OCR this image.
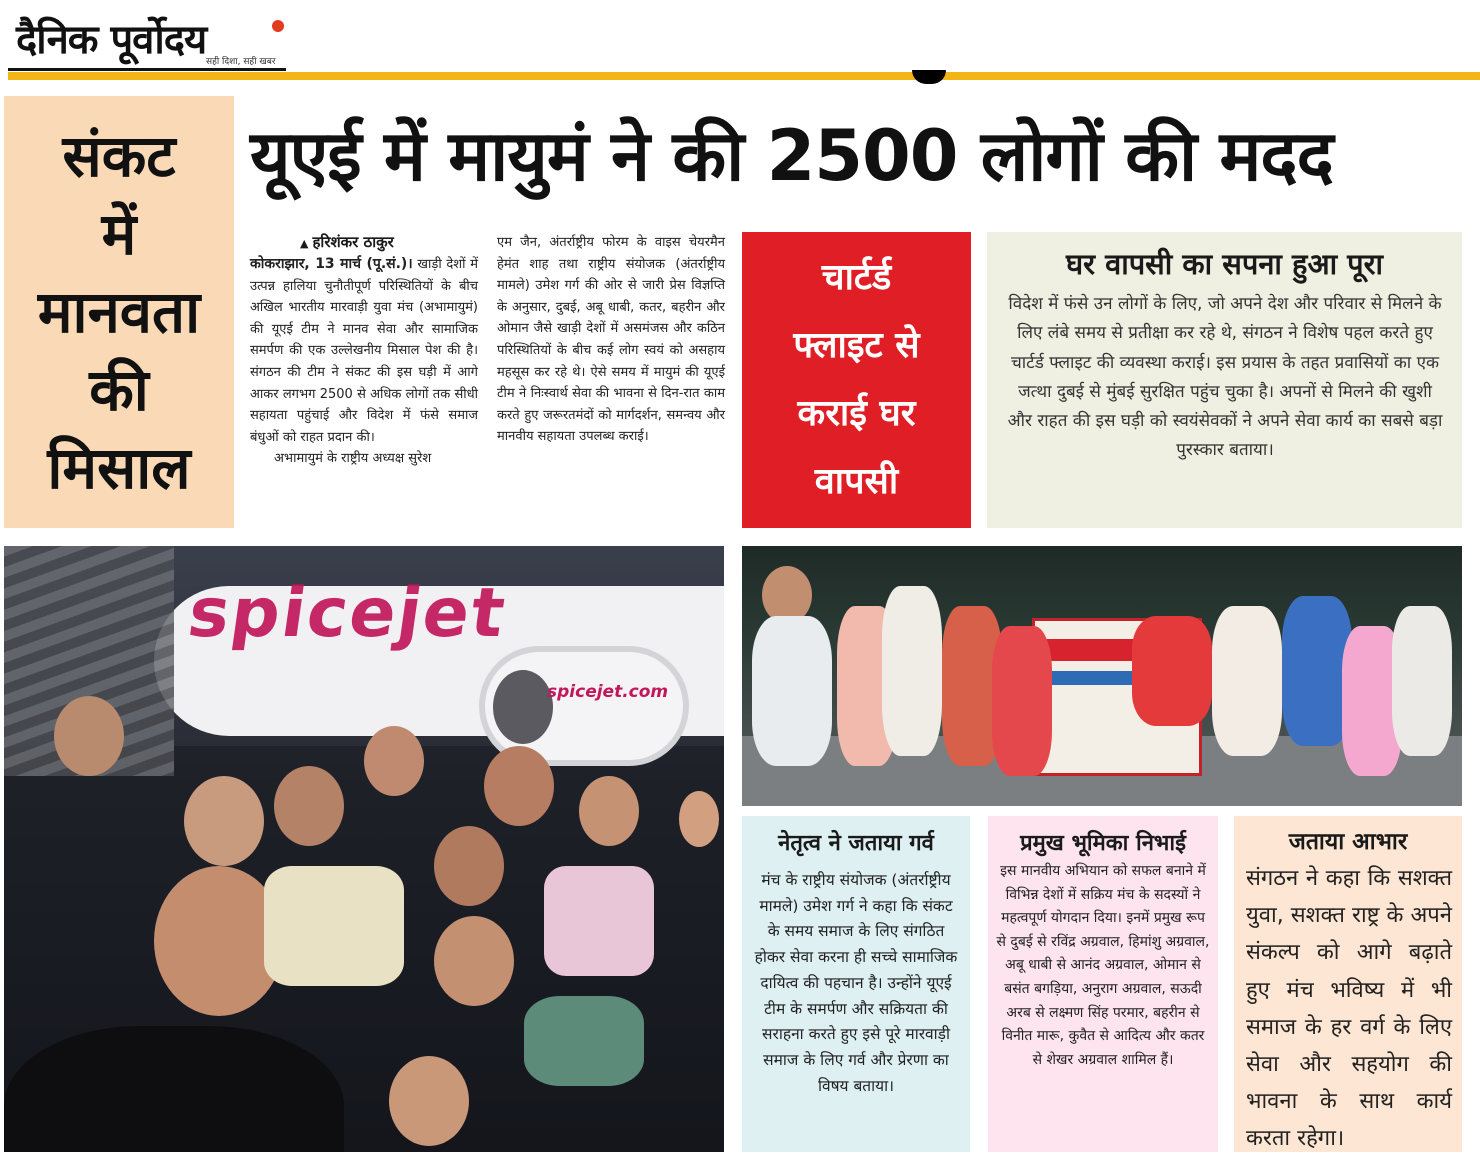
दैनिक पूर्वोदय सही दिशा, सही खबर
संकट
में
मानवता
की
मिसाल
यूएई में मायुमं ने की 2500 लोगों की मदद
▲ हरिशंकर ठाकुर

कोकराझार, 13 मार्च (पू.सं.)। खाड़ी देशों में उत्पन्न हालिया चुनौतीपूर्ण परिस्थितियों के बीच अखिल भारतीय मारवाड़ी युवा मंच (अभामायुमं) की यूएई टीम ने मानव सेवा और सामाजिक समर्पण की एक उल्लेखनीय मिसाल पेश की है। संगठन की टीम ने संकट की इस घड़ी में आगे आकर लगभग 2500 से अधिक लोगों तक सीधी सहायता पहुंचाई और विदेश में फंसे समाज बंधुओं को राहत प्रदान की।

अभामायुमं के राष्ट्रीय अध्यक्ष सुरेश

एम जैन, अंतर्राष्ट्रीय फोरम के वाइस चेयरमैन हेमंत शाह तथा राष्ट्रीय संयोजक (अंतर्राष्ट्रीय मामले) उमेश गर्ग की ओर से जारी प्रेस विज्ञप्ति के अनुसार, दुबई, अबू धाबी, कतर, बहरीन और ओमान जैसे खाड़ी देशों में असमंजस और कठिन परिस्थितियों के बीच कई लोग स्वयं को असहाय महसूस कर रहे थे। ऐसे समय में मायुमं की यूएई टीम ने निःस्वार्थ सेवा की भावना से दिन-रात काम करते हुए जरूरतमंदों को मार्गदर्शन, समन्वय और मानवीय सहायता उपलब्ध कराई।

चार्टर्ड
फ्लाइट से
कराई घर
वापसी
घर वापसी का सपना हुआ पूरा
विदेश में फंसे उन लोगों के लिए, जो अपने देश और परिवार से मिलने के लिए लंबे समय से प्रतीक्षा कर रहे थे, संगठन ने विशेष पहल करते हुए चार्टर्ड फ्लाइट की व्यवस्था कराई। इस प्रयास के तहत प्रवासियों का एक जत्था दुबई से मुंबई सुरक्षित पहुंच चुका है। अपनों से मिलने की खुशी और राहत की इस घड़ी को स्वयंसेवकों ने अपने सेवा कार्य का सबसे बड़ा पुरस्कार बताया।
spicejet
spicejet.com
नेतृत्व ने जताया गर्व
मंच के राष्ट्रीय संयोजक (अंतर्राष्ट्रीय मामले) उमेश गर्ग ने कहा कि संकट के समय समाज के लिए संगठित होकर सेवा करना ही सच्चे सामाजिक दायित्व की पहचान है। उन्होंने यूएई टीम के समर्पण और सक्रियता की सराहना करते हुए इसे पूरे मारवाड़ी समाज के लिए गर्व और प्रेरणा का विषय बताया।
प्रमुख भूमिका निभाई
इस मानवीय अभियान को सफल बनाने में विभिन्न देशों में सक्रिय मंच के सदस्यों ने महत्वपूर्ण योगदान दिया। इनमें प्रमुख रूप से दुबई से रविंद्र अग्रवाल, हिमांशु अग्रवाल, अबू धाबी से आनंद अग्रवाल, ओमान से बसंत बगड़िया, अनुराग अग्रवाल, सऊदी अरब से लक्ष्मण सिंह परमार, बहरीन से विनीत मारू, कुवैत से आदित्य और कतर से शेखर अग्रवाल शामिल हैं।
जताया आभार
संगठन ने कहा कि सशक्त युवा, सशक्त राष्ट्र के अपने संकल्प को आगे बढ़ाते हुए मंच भविष्य में भी समाज के हर वर्ग के लिए सेवा और सहयोग की भावना के साथ कार्य करता रहेगा।
